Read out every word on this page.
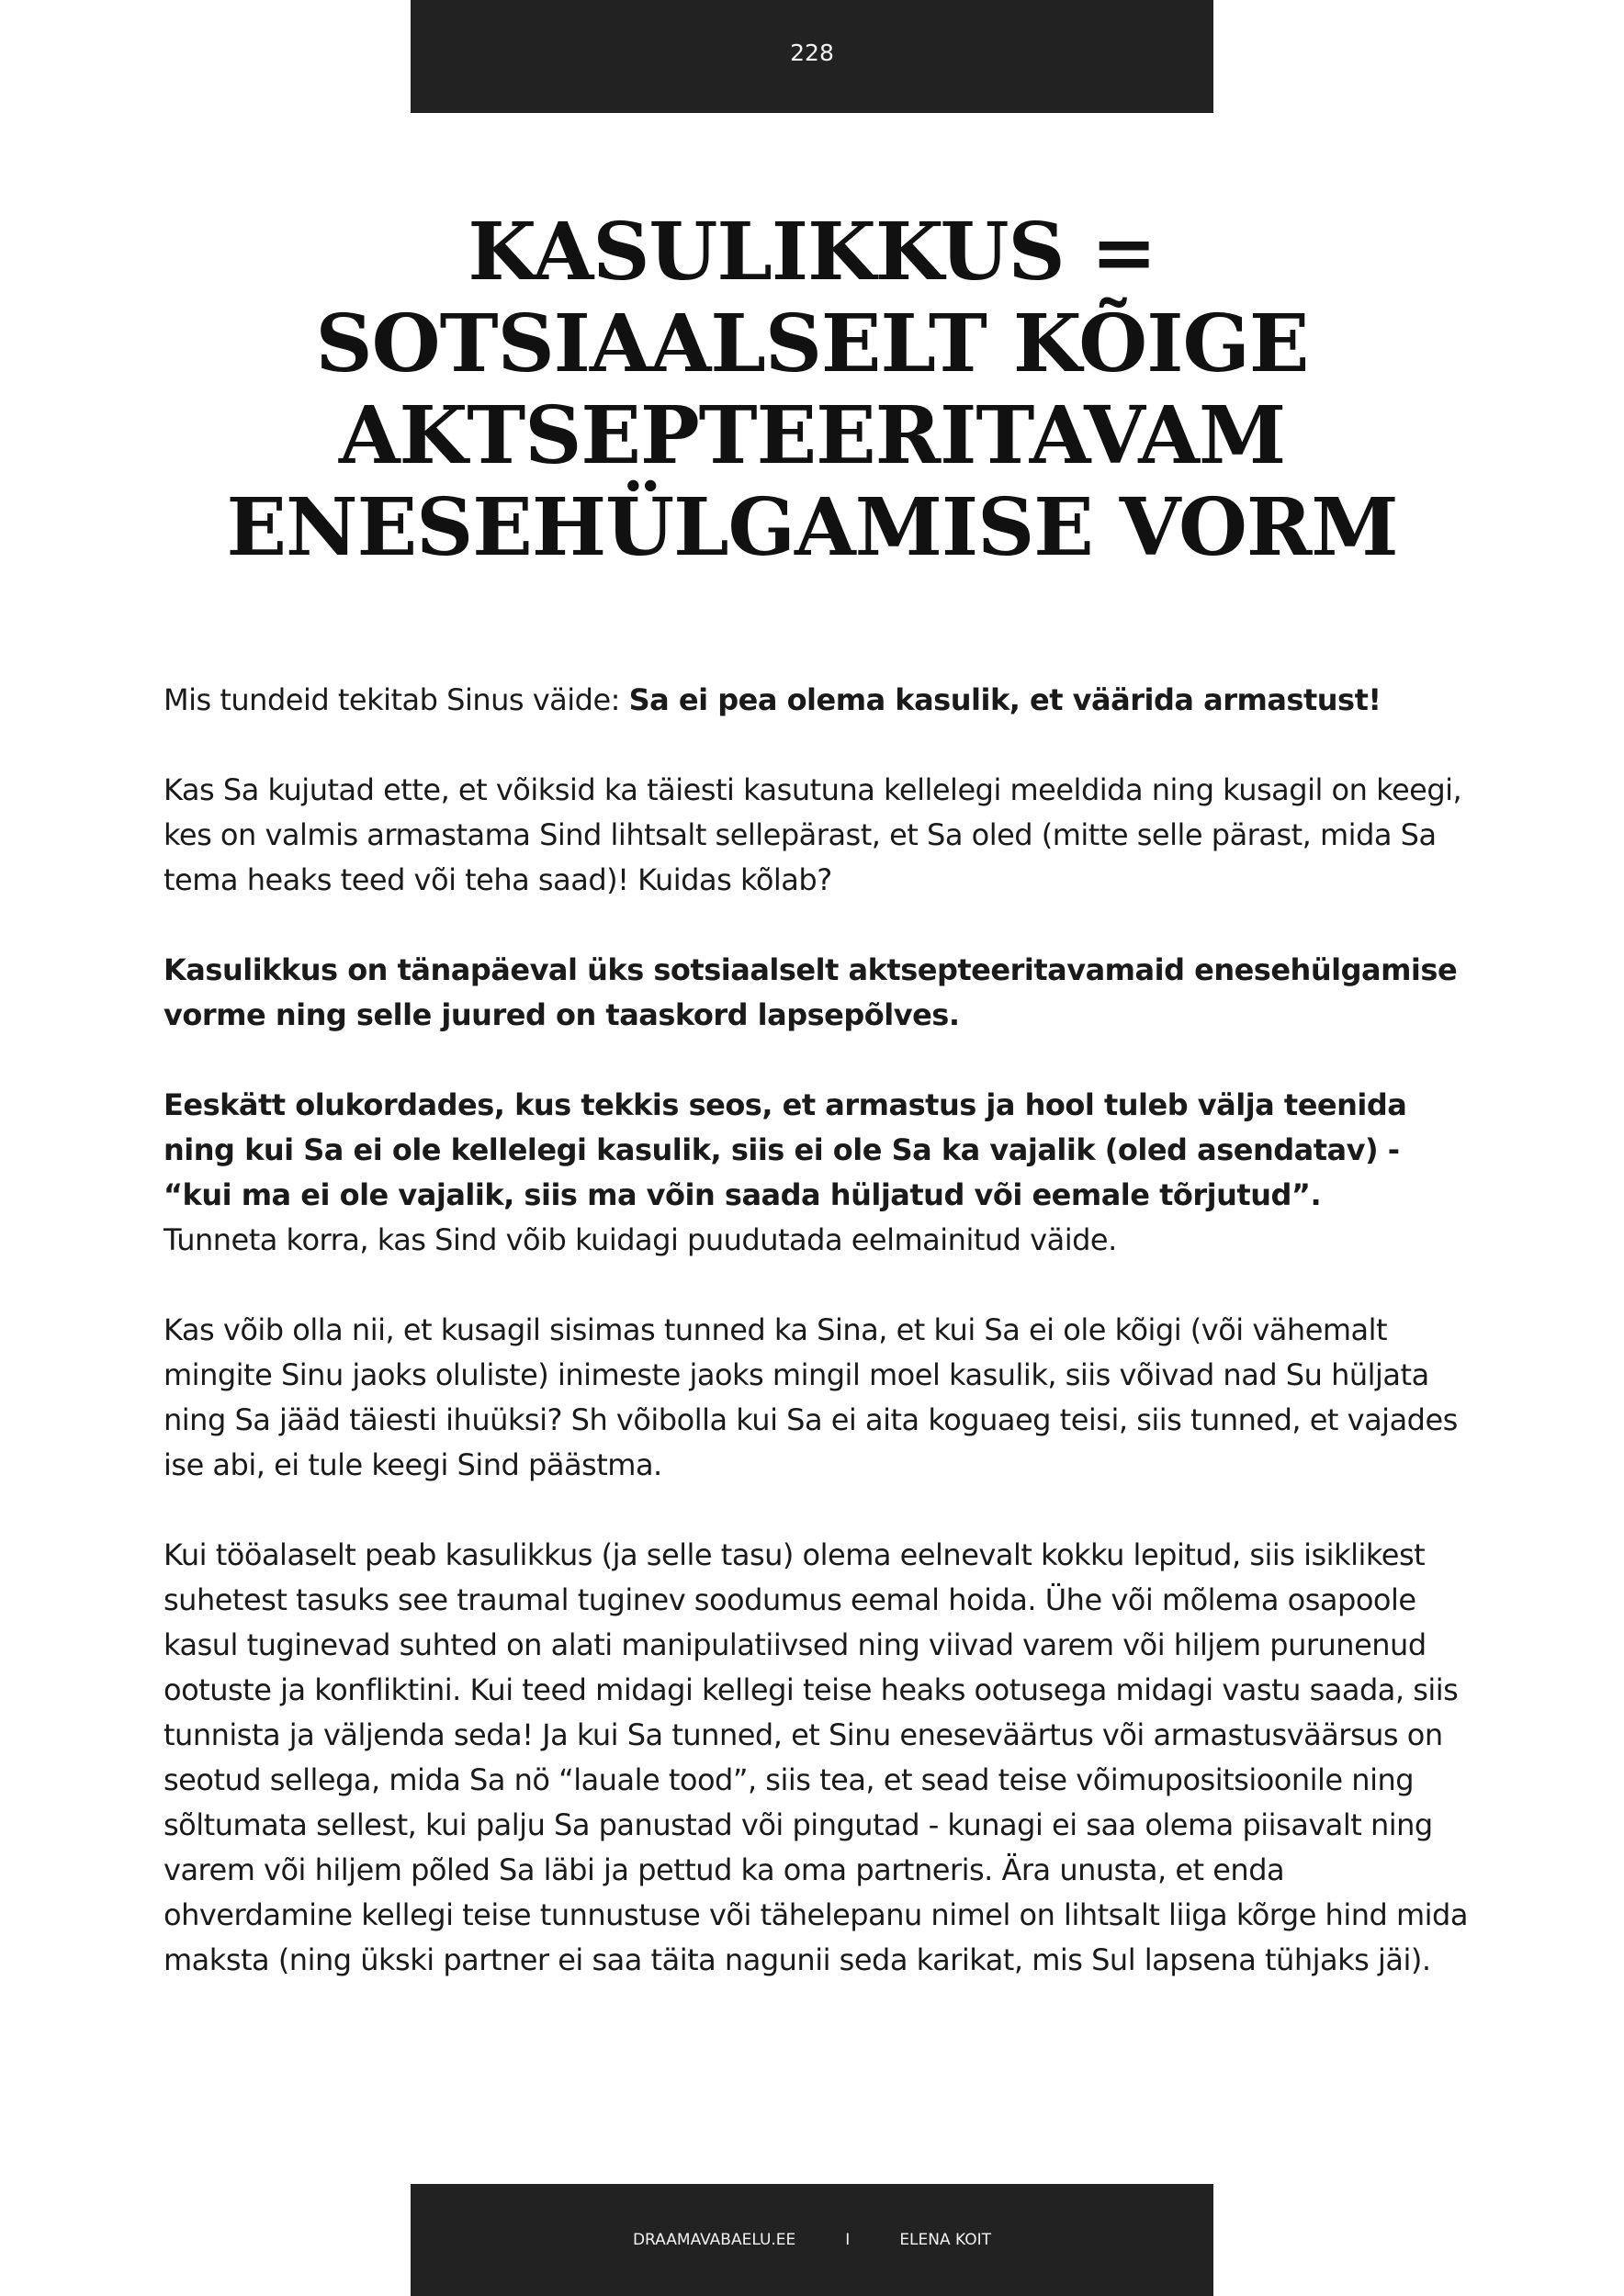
228
KASULIKKUS =
SOTSIAALSELT KÕIGE
AKTSEPTEERITAVAM
ENESEHÜLGAMISE VORM

Mis tundeid tekitab Sinus väide: Sa ei pea olema kasulik, et väärida armastust!

Kas Sa kujutad ette, et võiksid ka täiesti kasutuna kellelegi meeldida ning kusagil on keegi, kes on valmis armastama Sind lihtsalt sellepärast, et Sa oled (mitte selle pärast, mida Sa tema heaks teed või teha saad)! Kuidas kõlab?

Kasulikkus on tänapäeval üks sotsiaalselt aktsepteeritavamaid enesehülgamise vorme ning selle juured on taaskord lapsepõlves.

Eeskätt olukordades, kus tekkis seos, et armastus ja hool tuleb välja teenida ning kui Sa ei ole kellelegi kasulik, siis ei ole Sa ka vajalik (oled asendatav) - “kui ma ei ole vajalik, siis ma võin saada hüljatud või eemale tõrjutud”.

Tunneta korra, kas Sind võib kuidagi puudutada eelmainitud väide.

Kas võib olla nii, et kusagil sisimas tunned ka Sina, et kui Sa ei ole kõigi (või vähemalt mingite Sinu jaoks oluliste) inimeste jaoks mingil moel kasulik, siis võivad nad Su hüljata ning Sa jääd täiesti ihuüksi? Sh võibolla kui Sa ei aita koguaeg teisi, siis tunned, et vajades ise abi, ei tule keegi Sind päästma.

Kui tööalaselt peab kasulikkus (ja selle tasu) olema eelnevalt kokku lepitud, siis isiklikest suhetest tasuks see traumal tuginev soodumus eemal hoida. Ühe või mõlema osapoole kasul tuginevad suhted on alati manipulatiivsed ning viivad varem või hiljem purunenud ootuste ja konfliktini. Kui teed midagi kellegi teise heaks ootusega midagi vastu saada, siis tunnista ja väljenda seda! Ja kui Sa tunned, et Sinu eneseväärtus või armastusväärsus on seotud sellega, mida Sa nö “lauale tood”, siis tea, et sead teise võimupositsioonile ning sõltumata sellest, kui palju Sa panustad või pingutad - kunagi ei saa olema piisavalt ning varem või hiljem põled Sa läbi ja pettud ka oma partneris. Ära unusta, et enda ohverdamine kellegi teise tunnustuse või tähelepanu nimel on lihtsalt liiga kõrge hind mida maksta (ning ükski partner ei saa täita nagunii seda karikat, mis Sul lapsena tühjaks jäi).

DRAAMAVABAELU.EE	I	ELENA KOIT
